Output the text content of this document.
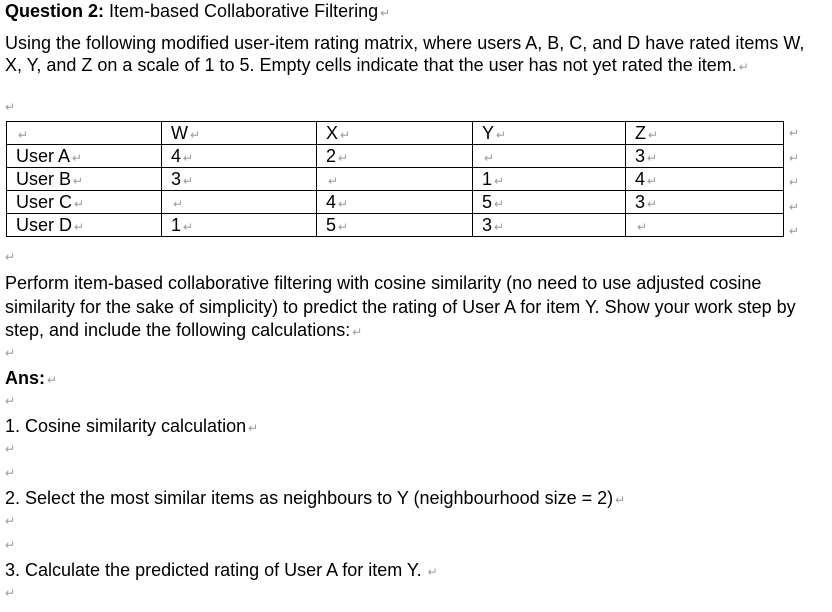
Question 2: Item-based Collaborative Filtering ↵
Using the following modified user-item rating matrix, where users A, B, C, and D have rated items W, X, Y, and Z on a scale of 1 to 5. Empty cells indicate that the user has not yet rated the item. ↵
↵
↵	W ↵	X ↵	Y ↵	Z ↵
User A ↵	4 ↵	2 ↵	↵	3 ↵
User B ↵	3 ↵	↵	1 ↵	4 ↵
User C ↵	↵	4 ↵	5 ↵	3 ↵
User D ↵	1 ↵	5 ↵	3 ↵	↵
↵
↵
↵
↵
↵
↵
Perform item-based collaborative filtering with cosine similarity (no need to use adjusted cosine similarity for the sake of simplicity) to predict the rating of User A for item Y. Show your work step by step, and include the following calculations: ↵
↵
Ans: ↵
↵
1. Cosine similarity calculation ↵
↵
↵
2. Select the most similar items as neighbours to Y (neighbourhood size = 2) ↵
↵
↵
3. Calculate the predicted rating of User A for item Y. ↵
↵
